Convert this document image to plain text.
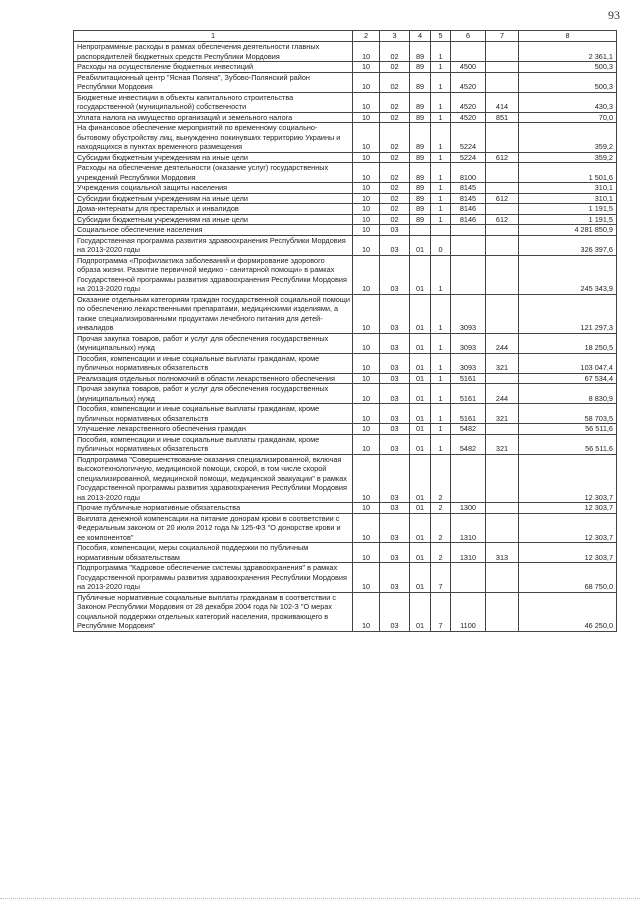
93
1	2	3	4	5	6	7	8
Непрограммные расходы в рамках обеспечения деятельности главных распорядителей бюджетных средств Республики Мордовия	10	02	89	1			2 361,1
Расходы на осуществление бюджетных инвестиций	10	02	89	1	4500		500,3
Реабилитационный центр "Ясная Поляна", Зубово-Полянский район Республики Мордовия	10	02	89	1	4520		500,3
Бюджетные инвестиции в объекты капитального строительства государственной (муниципальной) собственности	10	02	89	1	4520	414	430,3
Уплата налога на имущество организаций и земельного налога	10	02	89	1	4520	851	70,0
На финансовое обеспечение мероприятий по временному социально-бытовому обустройству лиц, вынужденно покинувших территорию Украины и находящихся в пунктах временного размещения	10	02	89	1	5224		359,2
Субсидии бюджетным учреждениям на иные цели	10	02	89	1	5224	612	359,2
Расходы на обеспечение деятельности (оказание услуг) государственных учреждений Республики Мордовия	10	02	89	1	8100		1 501,6
Учреждения социальной защиты населения	10	02	89	1	8145		310,1
Субсидии бюджетным учреждениям на иные цели	10	02	89	1	8145	612	310,1
Дома-интернаты для престарелых и инвалидов	10	02	89	1	8146		1 191,5
Субсидии бюджетным учреждениям на иные цели	10	02	89	1	8146	612	1 191,5
Социальное обеспечение населения	10	03					4 281 850,9
Государственная программа развития здравоохранения Республики Мордовия на 2013-2020 годы	10	03	01	0			326 397,6
Подпрограмма «Профилактика заболеваний и формирование здорового образа жизни. Развитие первичной медико - санитарной помощи» в рамках Государственной программы развития здравоохранения Республики Мордовия на 2013-2020 годы	10	03	01	1			245 343,9
Оказание отдельным категориям граждан государственной социальной помощи по обеспечению лекарственными препаратами, медицинскими изделиями, а также специализированными продуктами лечебного питания для детей-инвалидов	10	03	01	1	3093		121 297,3
Прочая закупка товаров, работ и услуг для обеспечения государственных (муниципальных) нужд	10	03	01	1	3093	244	18 250,5
Пособия, компенсации и иные социальные выплаты гражданам, кроме публичных нормативных обязательств	10	03	01	1	3093	321	103 047,4
Реализация отдельных полномочий в области лекарственного обеспечения	10	03	01	1	5161		67 534,4
Прочая закупка товаров, работ и услуг для обеспечения государственных (муниципальных) нужд	10	03	01	1	5161	244	8 830,9
Пособия, компенсации и иные социальные выплаты гражданам, кроме публичных нормативных обязательств	10	03	01	1	5161	321	58 703,5
Улучшение лекарственного обеспечения граждан	10	03	01	1	5482		56 511,6
Пособия, компенсации и иные социальные выплаты гражданам, кроме публичных нормативных обязательств	10	03	01	1	5482	321	56 511,6
Подпрограмма "Совершенствование оказания специализированной, включая высокотехнологичную, медицинской помощи, скорой, в том числе скорой специализированной, медицинской помощи, медицинской эвакуации" в рамках Государственной программы развития здравоохранения Республики Мордовия на 2013-2020 годы	10	03	01	2			12 303,7
Прочие публичные нормативные обязательства	10	03	01	2	1300		12 303,7
Выплата денежной компенсации на питание донорам крови в соответствии с Федеральным законом от 20 июля 2012 года № 125-ФЗ "О донорстве крови и ее компонентов"	10	03	01	2	1310		12 303,7
Пособия, компенсации, меры социальной поддержки по публичным нормативным обязательствам	10	03	01	2	1310	313	12 303,7
Подпрограмма "Кадровое обеспечение системы здравоохранения" в рамках Государственной программы развития здравоохранения Республики Мордовия на 2013-2020 годы	10	03	01	7			68 750,0
Публичные нормативные социальные выплаты гражданам в соответствии с Законом Республики Мордовия от 28 декабря 2004 года № 102-З "О мерах социальной поддержки отдельных категорий населения, проживающего в Республике Мордовия"	10	03	01	7	1100		46 250,0
